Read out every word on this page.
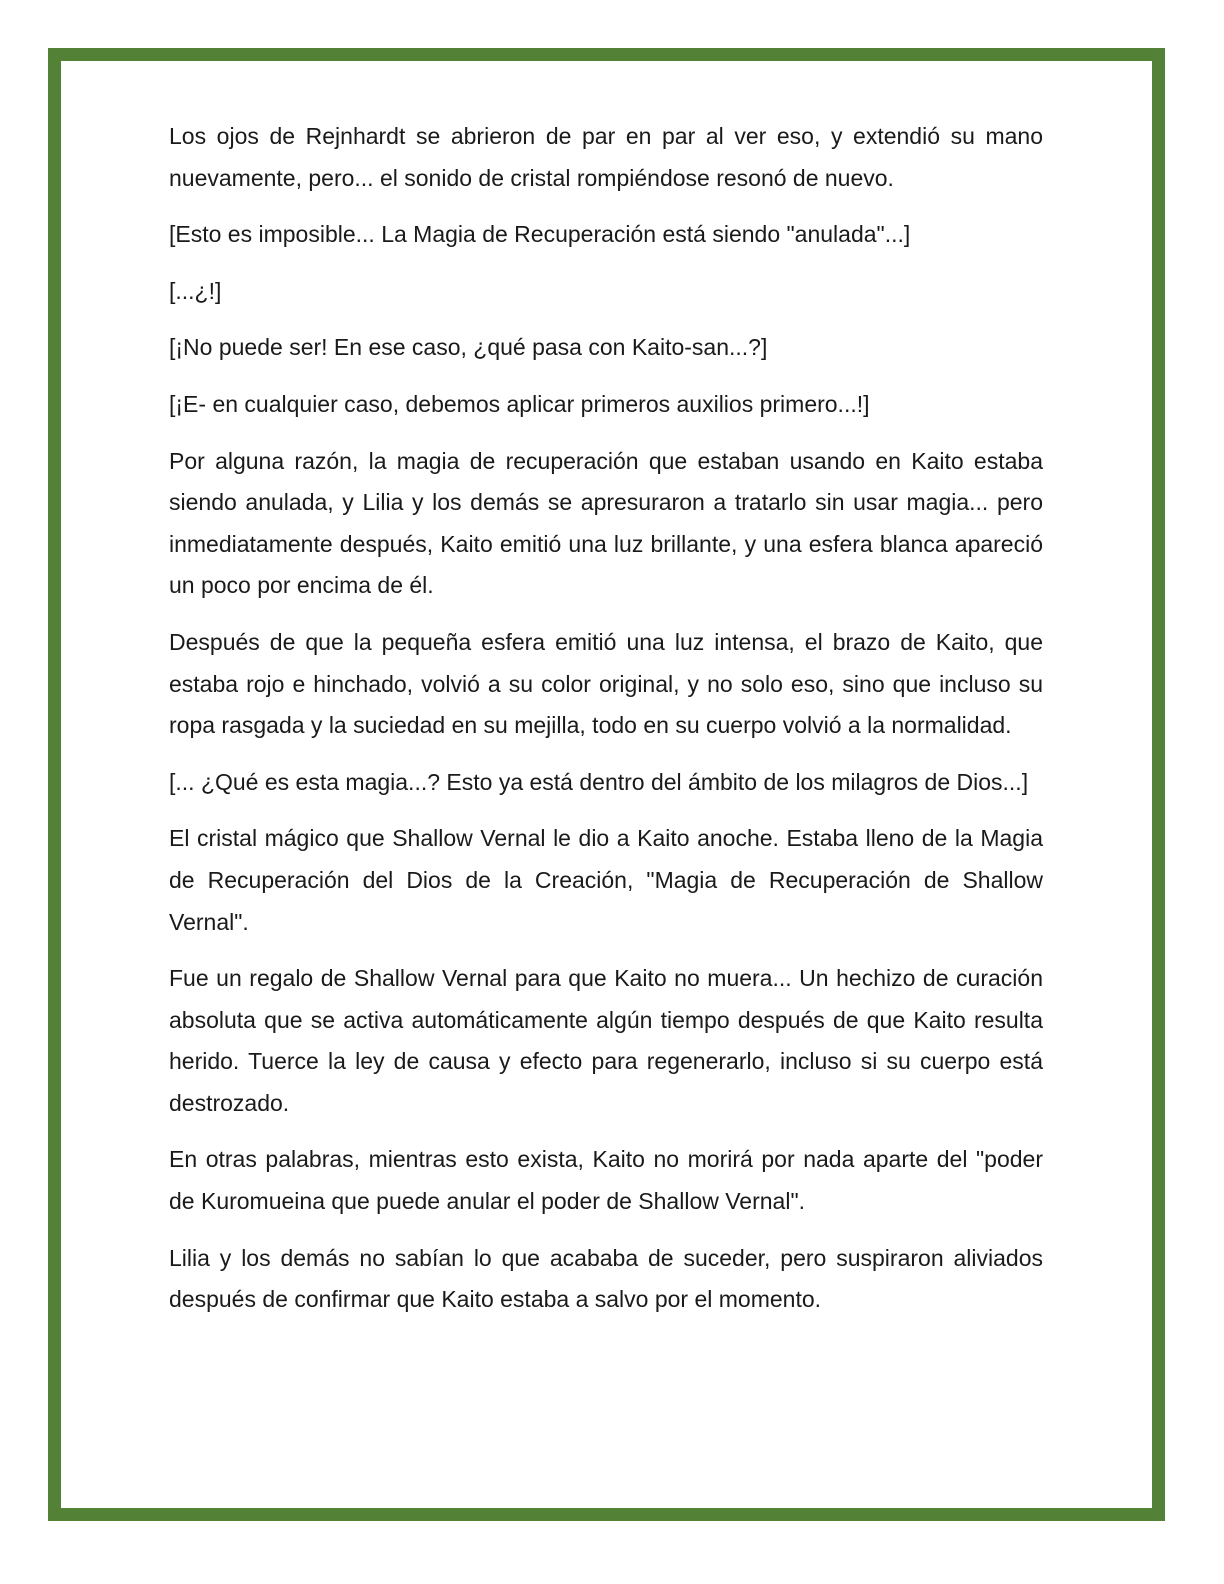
Los ojos de Rejnhardt se abrieron de par en par al ver eso, y extendió su mano nuevamente, pero... el sonido de cristal rompiéndose resonó de nuevo.

[Esto es imposible... La Magia de Recuperación está siendo "anulada"...]

[...¿!]

[¡No puede ser! En ese caso, ¿qué pasa con Kaito-san...?]

[¡E- en cualquier caso, debemos aplicar primeros auxilios primero...!]

Por alguna razón, la magia de recuperación que estaban usando en Kaito estaba siendo anulada, y Lilia y los demás se apresuraron a tratarlo sin usar magia... pero inmediatamente después, Kaito emitió una luz brillante, y una esfera blanca apareció un poco por encima de él.

Después de que la pequeña esfera emitió una luz intensa, el brazo de Kaito, que estaba rojo e hinchado, volvió a su color original, y no solo eso, sino que incluso su ropa rasgada y la suciedad en su mejilla, todo en su cuerpo volvió a la normalidad.

[... ¿Qué es esta magia...? Esto ya está dentro del ámbito de los milagros de Dios...]

El cristal mágico que Shallow Vernal le dio a Kaito anoche. Estaba lleno de la Magia de Recuperación del Dios de la Creación, "Magia de Recuperación de Shallow Vernal".

Fue un regalo de Shallow Vernal para que Kaito no muera... Un hechizo de curación absoluta que se activa automáticamente algún tiempo después de que Kaito resulta herido. Tuerce la ley de causa y efecto para regenerarlo, incluso si su cuerpo está destrozado.

En otras palabras, mientras esto exista, Kaito no morirá por nada aparte del "poder de Kuromueina que puede anular el poder de Shallow Vernal".

Lilia y los demás no sabían lo que acababa de suceder, pero suspiraron aliviados después de confirmar que Kaito estaba a salvo por el momento.
